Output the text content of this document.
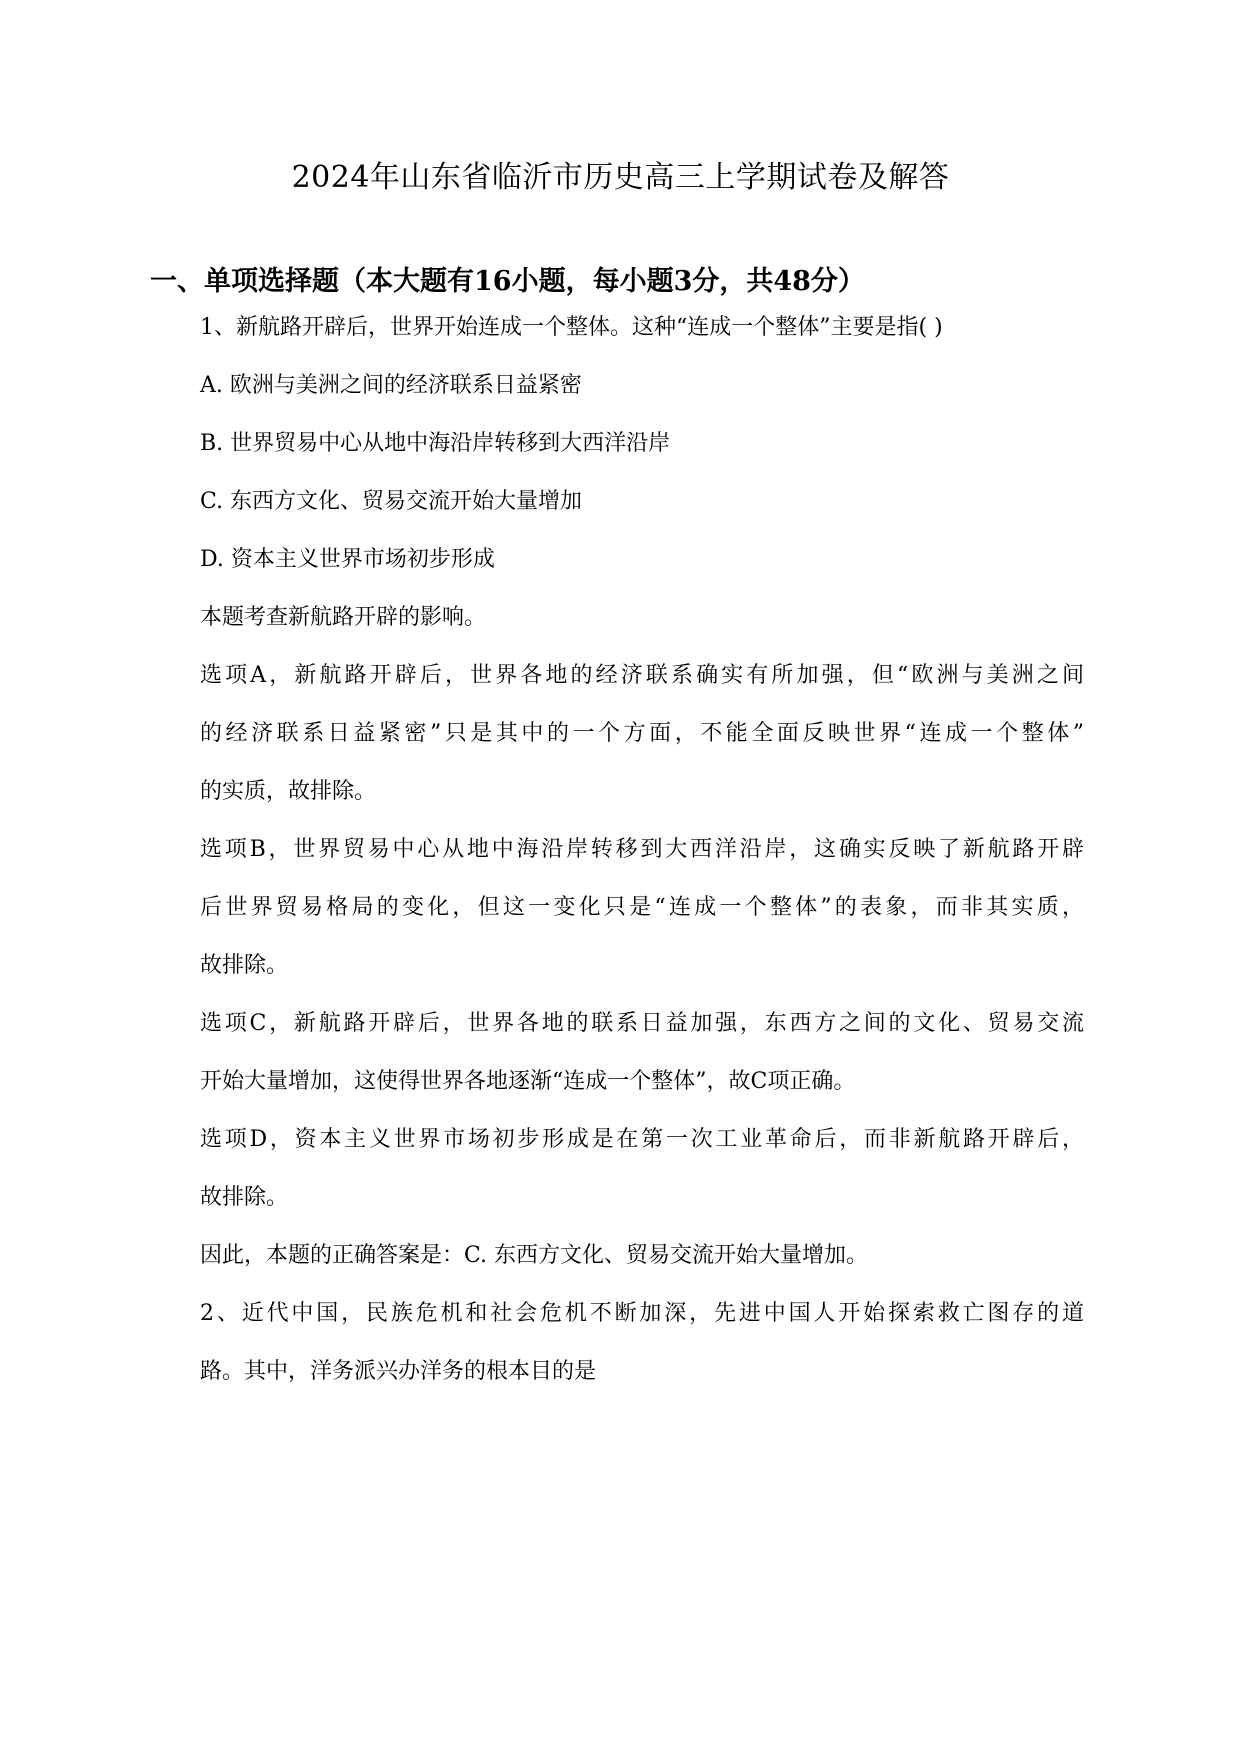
2024年山东省临沂市历史高三上学期试卷及解答
一、单项选择题（本大题有16小题，每小题3分，共48分）
1、新航路开辟后，世界开始连成一个整体。这种“连成一个整体”主要是指( )
A. 欧洲与美洲之间的经济联系日益紧密
B. 世界贸易中心从地中海沿岸转移到大西洋沿岸
C. 东西方文化、贸易交流开始大量增加
D. 资本主义世界市场初步形成
本题考查新航路开辟的影响。
选项A，新航路开辟后，世界各地的经济联系确实有所加强，但“欧洲与美洲之间
的经济联系日益紧密”只是其中的一个方面，不能全面反映世界“连成一个整体”
的实质，故排除。
选项B，世界贸易中心从地中海沿岸转移到大西洋沿岸，这确实反映了新航路开辟
后世界贸易格局的变化，但这一变化只是“连成一个整体”的表象，而非其实质，
故排除。
选项C，新航路开辟后，世界各地的联系日益加强，东西方之间的文化、贸易交流
开始大量增加，这使得世界各地逐渐“连成一个整体”，故C项正确。
选项D，资本主义世界市场初步形成是在第一次工业革命后，而非新航路开辟后，
故排除。
因此，本题的正确答案是：C. 东西方文化、贸易交流开始大量增加。
2、近代中国，民族危机和社会危机不断加深，先进中国人开始探索救亡图存的道
路。其中，洋务派兴办洋务的根本目的是
